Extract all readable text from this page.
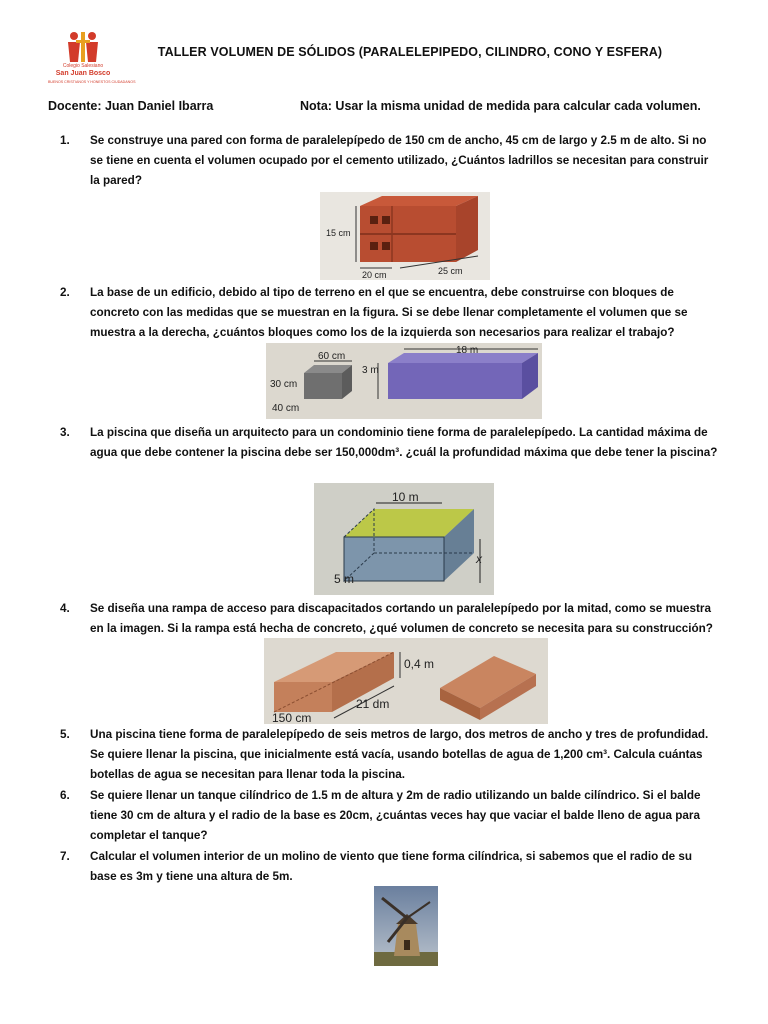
Colegio Salesiano
San Juan Bosco
BUENOS CRISTIANOS Y HONESTOS CIUDADANOS
TALLER VOLUMEN DE SÓLIDOS (PARALELEPIPEDO, CILINDRO, CONO Y ESFERA)
Docente: Juan Daniel Ibarra	Nota: Usar la misma unidad de medida para calcular cada volumen.
1. Se construye una pared con forma de paralelepípedo de 150 cm de ancho, 45 cm de largo y 2.5 m de alto. Si no se tiene en cuenta el volumen ocupado por el cemento utilizado, ¿Cuántos ladrillos se necesitan para construir la pared?
15 cm
20 cm	25 cm
2. La base de un edificio, debido al tipo de terreno en el que se encuentra, debe construirse con bloques de concreto con las medidas que se muestran en la figura. Si se debe llenar completamente el volumen que se muestra a la derecha, ¿cuántos bloques como los de la izquierda son necesarios para realizar el trabajo?
60 cm
30 cm
40 cm
3 m
18 m
3. La piscina que diseña un arquitecto para un condominio tiene forma de paralelepípedo. La cantidad máxima de agua que debe contener la piscina debe ser 150,000dm³. ¿cuál la profundidad máxima que debe tener la piscina?
10 m
5 m
x
4. Se diseña una rampa de acceso para discapacitados cortando un paralelepípedo por la mitad, como se muestra en la imagen. Si la rampa está hecha de concreto, ¿qué volumen de concreto se necesita para su construcción?
0,4 m
21 dm
150 cm
5. Una piscina tiene forma de paralelepípedo de seis metros de largo, dos metros de ancho y tres de profundidad. Se quiere llenar la piscina, que inicialmente está vacía, usando botellas de agua de 1,200 cm³. Calcula cuántas botellas de agua se necesitan para llenar toda la piscina.
6. Se quiere llenar un tanque cilíndrico de 1.5 m de altura y 2m de radio utilizando un balde cilíndrico. Si el balde tiene 30 cm de altura y el radio de la base es 20cm, ¿cuántas veces hay que vaciar el balde lleno de agua para completar el tanque?
7. Calcular el volumen interior de un molino de viento que tiene forma cilíndrica, si sabemos que el radio de su base es 3m y tiene una altura de 5m.
